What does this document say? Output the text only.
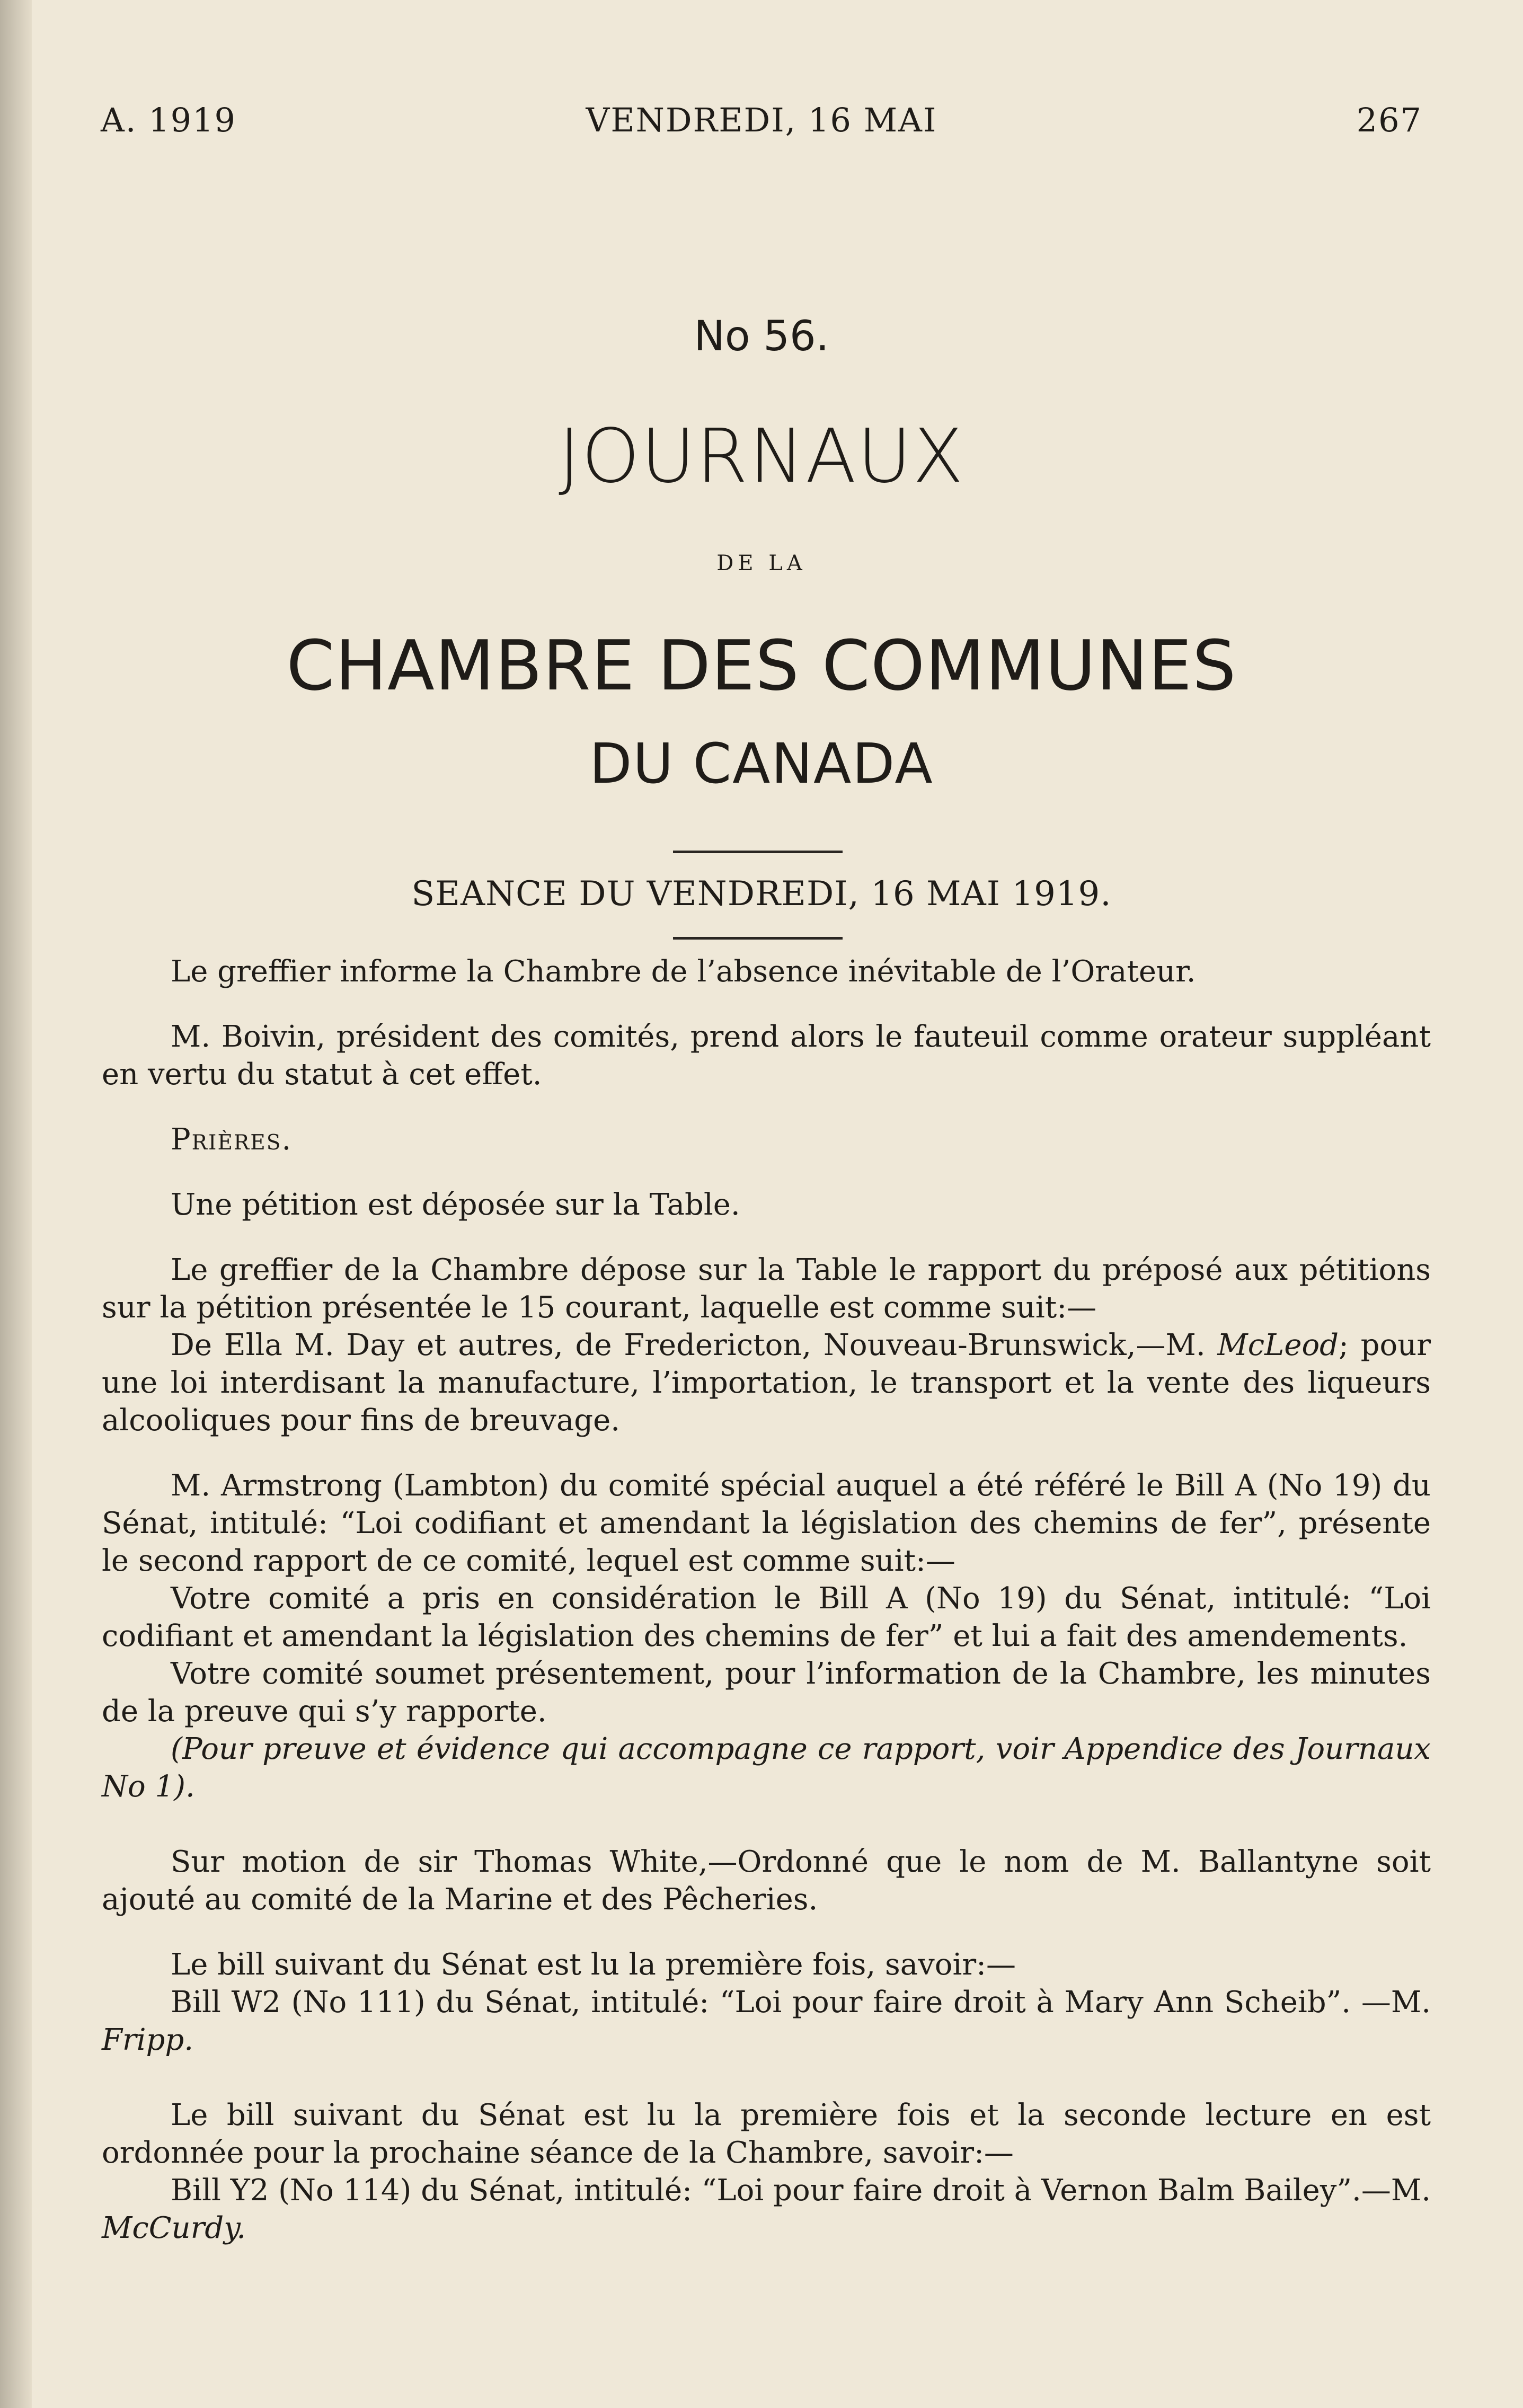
A. 1919	VENDREDI, 16 MAI	267
No 56.
JOURNAUX
DE LA
CHAMBRE DES COMMUNES
DU CANADA
SEANCE DU VENDREDI, 16 MAI 1919.

Le greffier informe la Chambre de l’absence inévitable de l’Orateur.

M. Boivin, président des comités, prend alors le fauteuil comme orateur suppléant en vertu du statut à cet effet.

Prières.

Une pétition est déposée sur la Table.

Le greffier de la Chambre dépose sur la Table le rapport du préposé aux pétitions sur la pétition présentée le 15 courant, laquelle est comme suit:—

De Ella M. Day et autres, de Fredericton, Nouveau-Brunswick,—M. McLeod; pour une loi interdisant la manufacture, l’importation, le transport et la vente des liqueurs alcooliques pour fins de breuvage.

M. Armstrong (Lambton) du comité spécial auquel a été référé le Bill A (No 19) du Sénat, intitulé: “Loi codifiant et amendant la législation des chemins de fer”, présente le second rapport de ce comité, lequel est comme suit:—

Votre comité a pris en considération le Bill A (No 19) du Sénat, intitulé: “Loi codifiant et amendant la législation des chemins de fer” et lui a fait des amendements.

Votre comité soumet présentement, pour l’information de la Chambre, les minutes de la preuve qui s’y rapporte.

(Pour preuve et évidence qui accompagne ce rapport, voir Appendice des Journaux No 1).

Sur motion de sir Thomas White,—Ordonné que le nom de M. Ballantyne soit ajouté au comité de la Marine et des Pêcheries.

Le bill suivant du Sénat est lu la première fois, savoir:—

Bill W2 (No 111) du Sénat, intitulé: “Loi pour faire droit à Mary Ann Scheib”. —M. Fripp.

Le bill suivant du Sénat est lu la première fois et la seconde lecture en est ordonnée pour la prochaine séance de la Chambre, savoir:—

Bill Y2 (No 114) du Sénat, intitulé: “Loi pour faire droit à Vernon Balm Bailey”.—M. McCurdy.
